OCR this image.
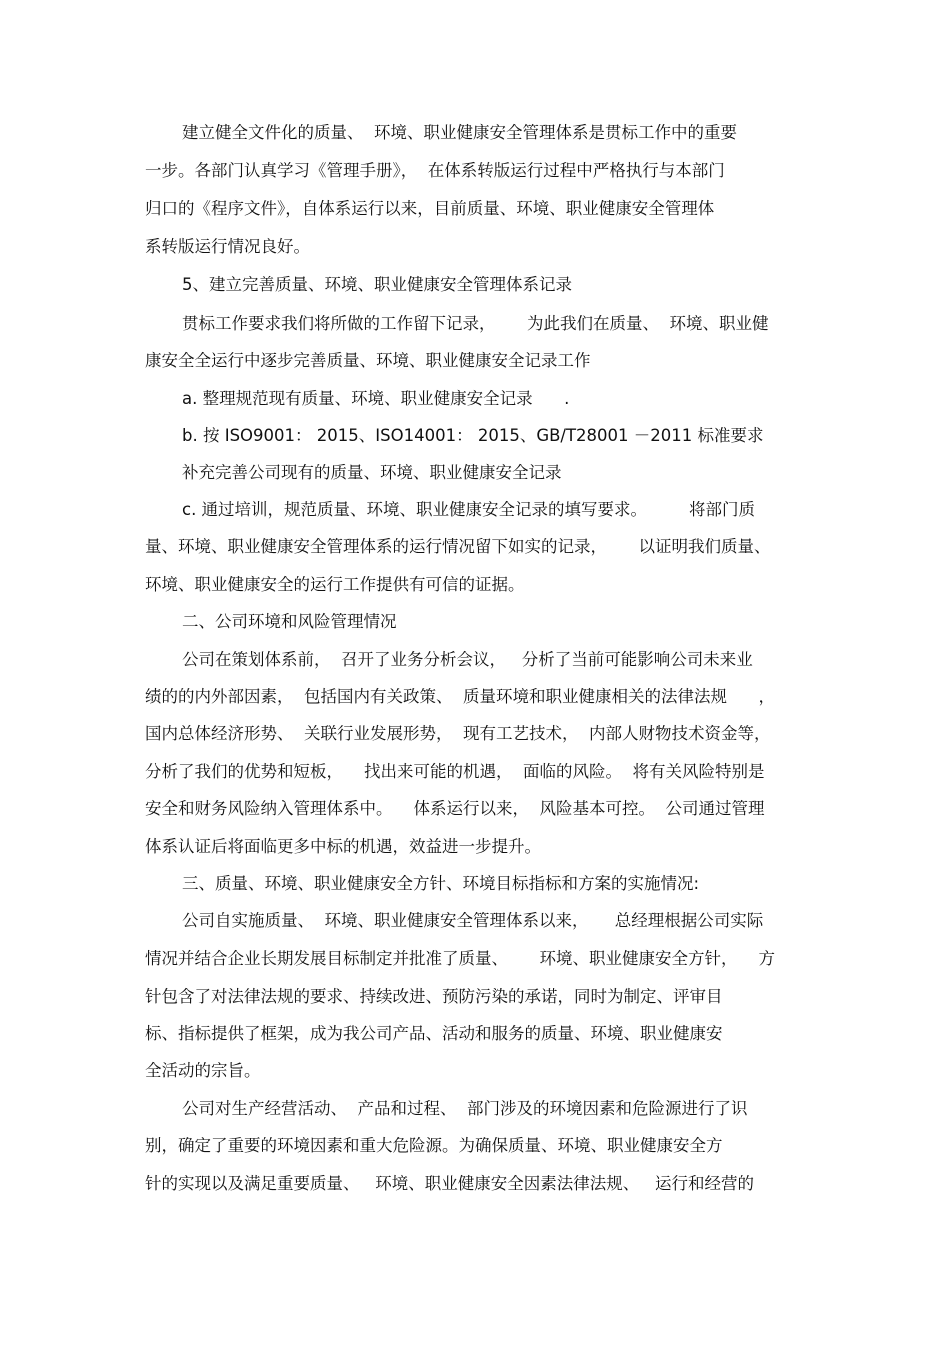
建立健全文件化的质量、  环境、职业健康安全管理体系是贯标工作中的重要
一步。各部门认真学习《管理手册》，  在体系转版运行过程中严格执行与本部门
归口的《程序文件》，自体系运行以来，目前质量、环境、职业健康安全管理体
系转版运行情况良好。
5、建立完善质量、环境、职业健康安全管理体系记录
贯标工作要求我们将所做的工作留下记录，      为此我们在质量、  环境、职业健
康安全全运行中逐步完善质量、环境、职业健康安全记录工作
a. 整理规范现有质量、环境、职业健康安全记录      .
b. 按 ISO9001： 2015、ISO14001： 2015、GB/T28001 －2011 标准要求
补充完善公司现有的质量、环境、职业健康安全记录
c. 通过培训，规范质量、环境、职业健康安全记录的填写要求。        将部门质
量、环境、职业健康安全管理体系的运行情况留下如实的记录，      以证明我们质量、
环境、职业健康安全的运行工作提供有可信的证据。
二、公司环境和风险管理情况
公司在策划体系前，  召开了业务分析会议，   分析了当前可能影响公司未来业
绩的的内外部因素，  包括国内有关政策、  质量环境和职业健康相关的法律法规      ，
国内总体经济形势、  关联行业发展形势，  现有工艺技术，  内部人财物技术资金等，
分析了我们的优势和短板，    找出来可能的机遇，  面临的风险。  将有关风险特别是
安全和财务风险纳入管理体系中。    体系运行以来，  风险基本可控。  公司通过管理
体系认证后将面临更多中标的机遇，效益进一步提升。
三、质量、环境、职业健康安全方针、环境目标指标和方案的实施情况:
公司自实施质量、  环境、职业健康安全管理体系以来，     总经理根据公司实际
情况并结合企业长期发展目标制定并批准了质量、      环境、职业健康安全方针，    方
针包含了对法律法规的要求、持续改进、预防污染的承诺，同时为制定、评审目
标、指标提供了框架，成为我公司产品、活动和服务的质量、环境、职业健康安
全活动的宗旨。
公司对生产经营活动、  产品和过程、  部门涉及的环境因素和危险源进行了识
别，确定了重要的环境因素和重大危险源。为确保质量、环境、职业健康安全方
针的实现以及满足重要质量、   环境、职业健康安全因素法律法规、   运行和经营的
